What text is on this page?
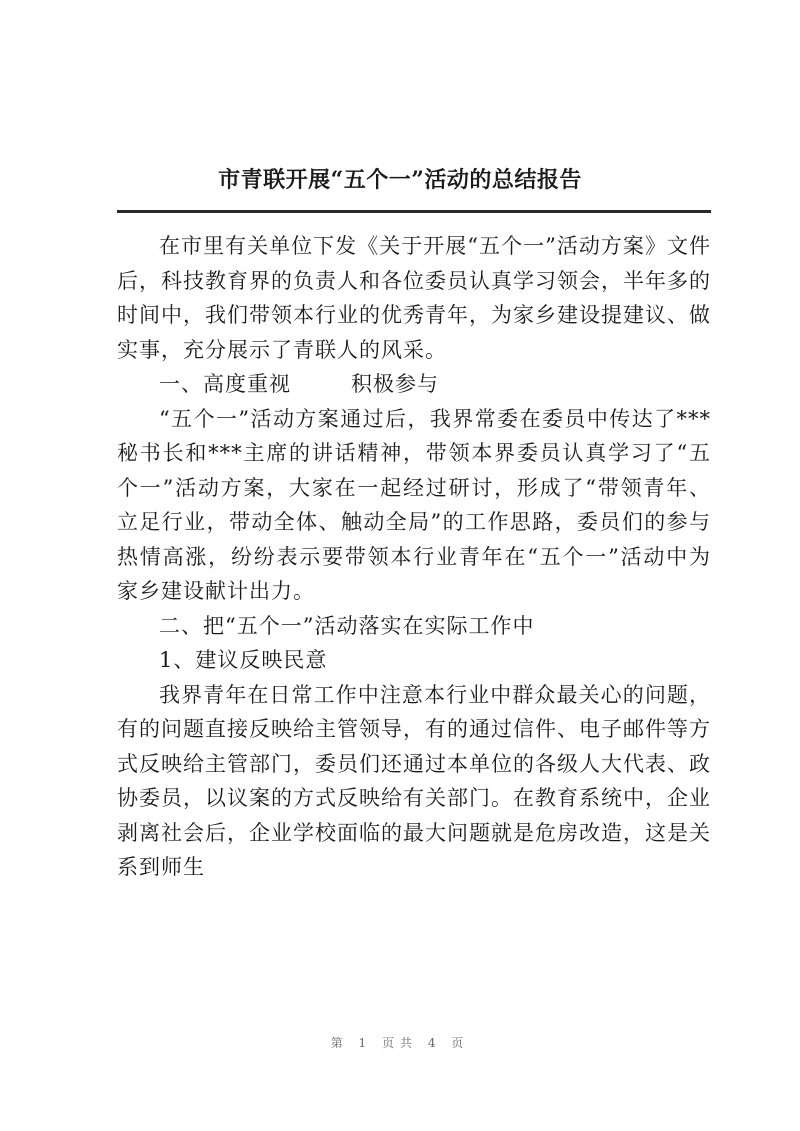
市青联开展“五个一”活动的总结报告

在市里有关单位下发《关于开展“五个一”活动方案》文件后，科技教育界的负责人和各位委员认真学习领会，半年多的时间中，我们带领本行业的优秀青年，为家乡建设提建议、做实事，充分展示了青联人的风采。

一、高度重视	积极参与

“五个一”活动方案通过后，我界常委在委员中传达了***秘书长和***主席的讲话精神，带领本界委员认真学习了“五个一”活动方案，大家在一起经过研讨，形成了“带领青年、立足行业，带动全体、触动全局”的工作思路，委员们的参与热情高涨，纷纷表示要带领本行业青年在“五个一”活动中为家乡建设献计出力。

二、把“五个一”活动落实在实际工作中

1、建议反映民意

我界青年在日常工作中注意本行业中群众最关心的问题，有的问题直接反映给主管领导，有的通过信件、电子邮件等方式反映给主管部门，委员们还通过本单位的各级人大代表、政协委员，以议案的方式反映给有关部门。在教育系统中，企业剥离社会后，企业学校面临的最大问题就是危房改造，这是关系到师生

第 1 页共 4 页
